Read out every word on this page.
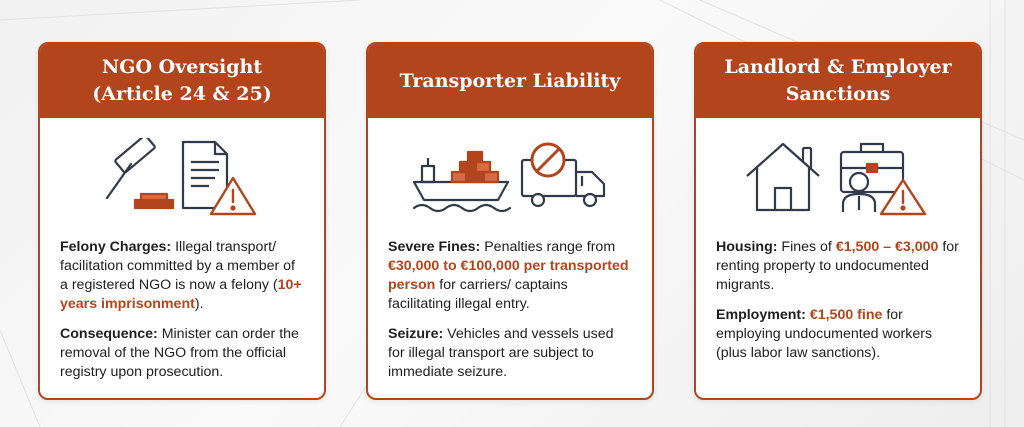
NGO Oversight
(Article 24 & 25)

Felony Charges: Illegal transport/ facilitation committed by a member of a registered NGO is now a felony (10+ years imprisonment).

Consequence: Minister can order the removal of the NGO from the official registry upon prosecution.

Transporter Liability

Severe Fines: Penalties range from €30,000 to €100,000 per transported person for carriers/ captains facilitating illegal entry.

Seizure: Vehicles and vessels used for illegal transport are subject to immediate seizure.

Landlord & Employer
Sanctions

Housing: Fines of €1,500 – €3,000 for renting property to undocumented migrants.

Employment: €1,500 fine for employing undocumented workers (plus labor law sanctions).
